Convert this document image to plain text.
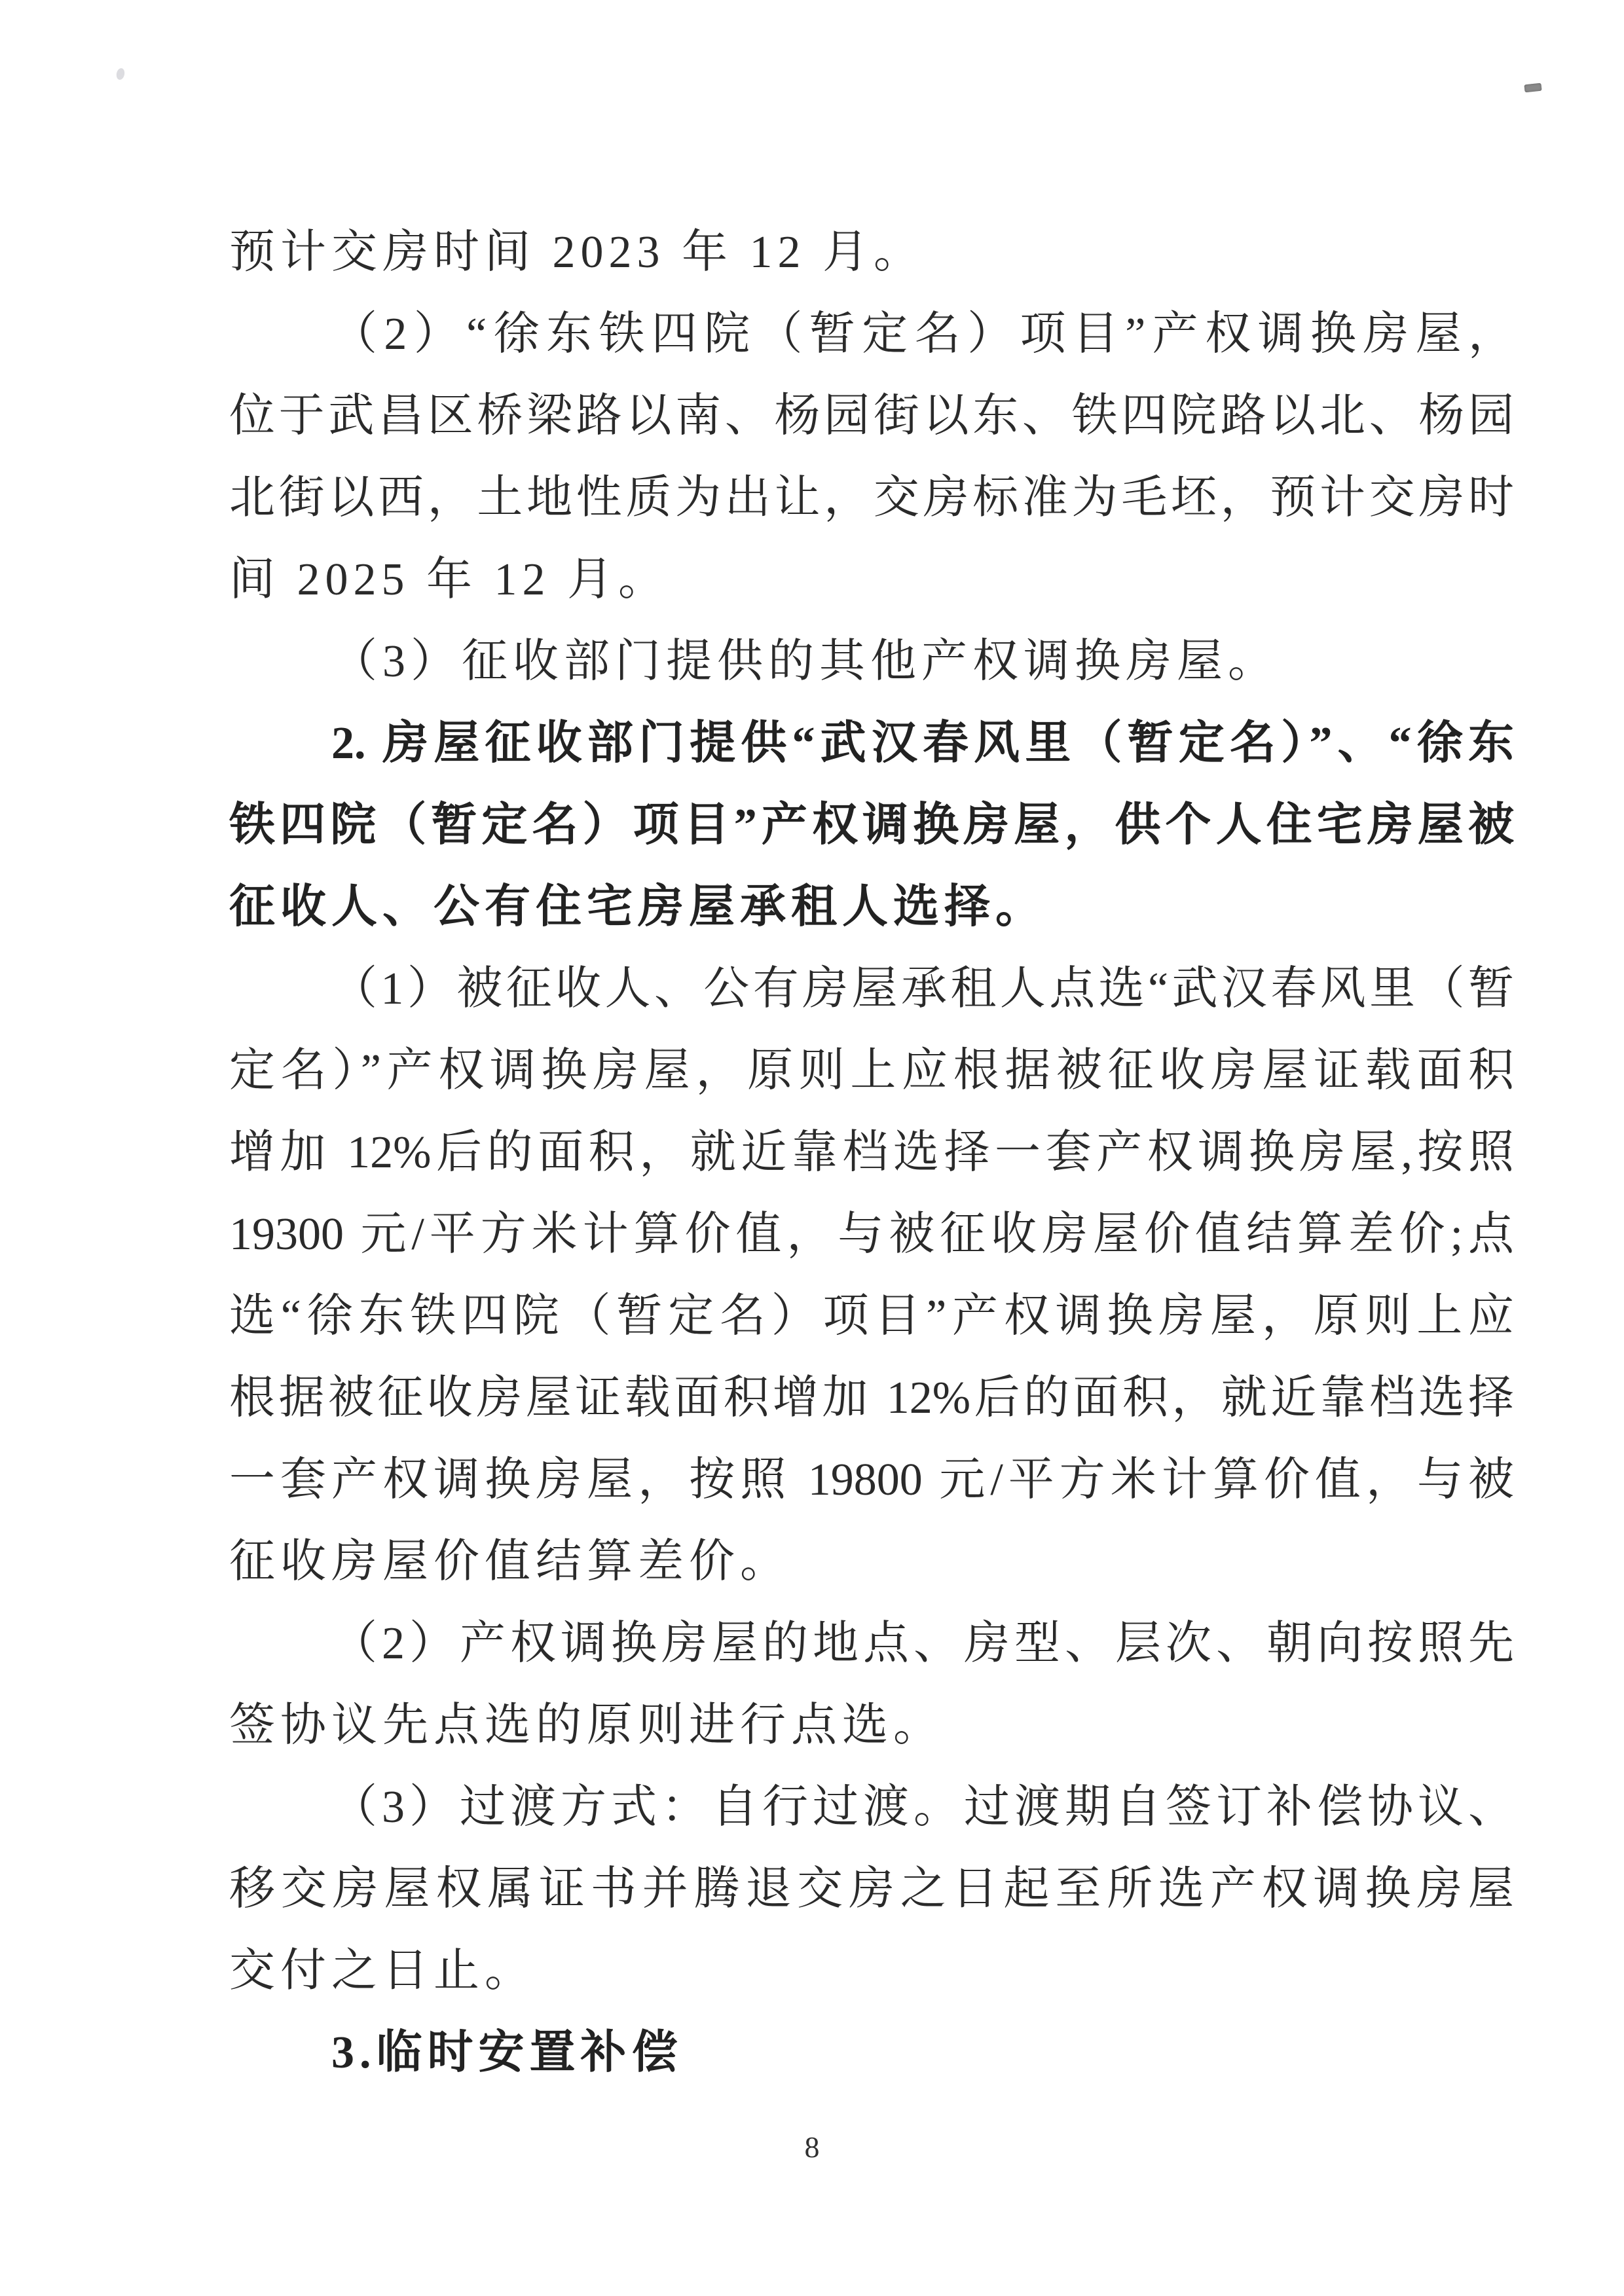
预计交房时间 2023 年 12 月。
（2）“徐东铁四院（暂定名）项目”产权调换房屋，
位于武昌区桥梁路以南、杨园街以东、铁四院路以北、杨园
北街以西，土地性质为出让，交房标准为毛坯，预计交房时
间 2025 年 12 月。
（3）征收部门提供的其他产权调换房屋。
2. 房屋征收部门提供“武汉春风里（暂定名）”、“徐东
铁四院（暂定名）项目”产权调换房屋，供个人住宅房屋被
征收人、公有住宅房屋承租人选择。
（1）被征收人、公有房屋承租人点选“武汉春风里（暂
定名）”产权调换房屋，原则上应根据被征收房屋证载面积
增加 12%后的面积，就近靠档选择一套产权调换房屋,按照
19300 元/平方米计算价值，与被征收房屋价值结算差价;点
选“徐东铁四院（暂定名）项目”产权调换房屋，原则上应
根据被征收房屋证载面积增加 12%后的面积，就近靠档选择
一套产权调换房屋，按照 19800 元/平方米计算价值，与被
征收房屋价值结算差价。
（2）产权调换房屋的地点、房型、层次、朝向按照先
签协议先点选的原则进行点选。
（3）过渡方式：自行过渡。过渡期自签订补偿协议、
移交房屋权属证书并腾退交房之日起至所选产权调换房屋
交付之日止。
3.临时安置补偿
8
